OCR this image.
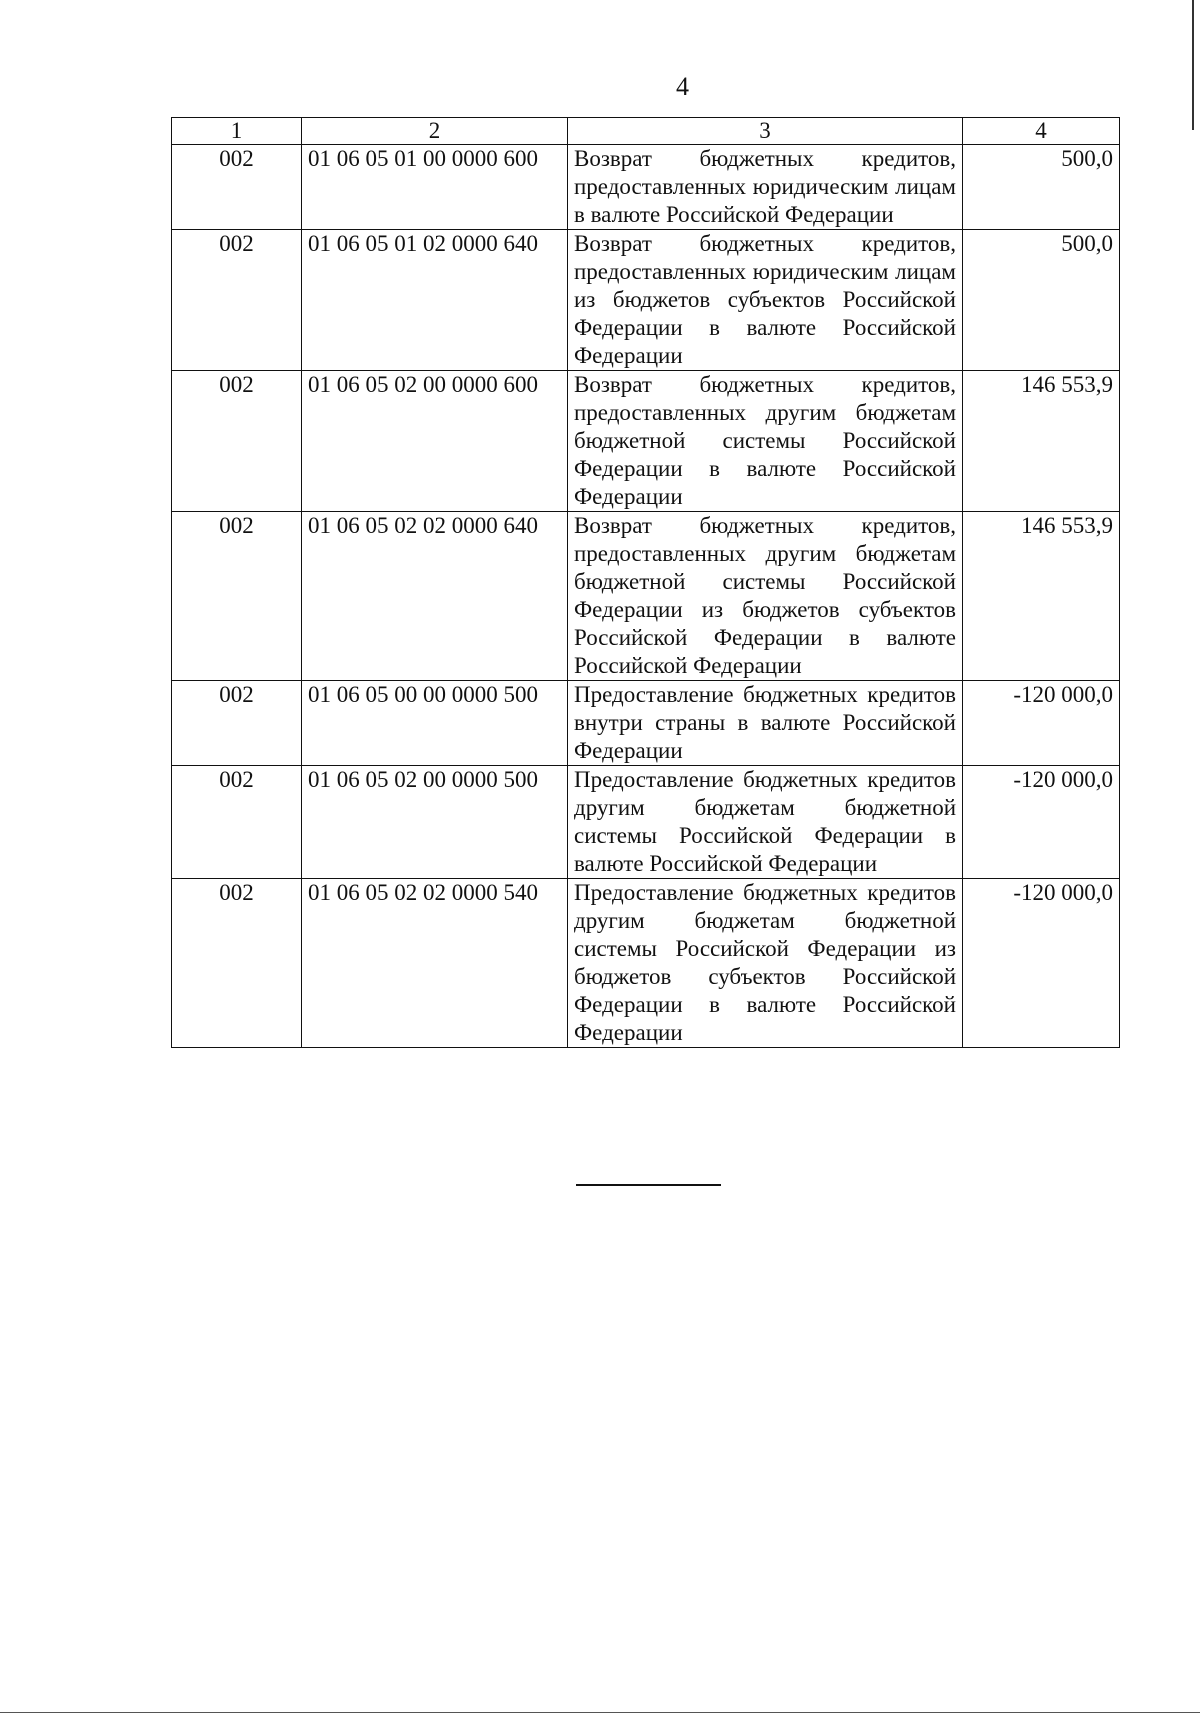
4
1	2	3	4
002	01 06 05 01 00 0000 600	Возврат бюджетных кредитов, предоставленных юридическим лицам в валюте Российской Федерации	500,0
002	01 06 05 01 02 0000 640	Возврат бюджетных кредитов, предоставленных юридическим лицам из бюджетов субъектов Российской Федерации в валюте Российской Федерации	500,0
002	01 06 05 02 00 0000 600	Возврат бюджетных кредитов, предоставленных другим бюджетам бюджетной системы Российской Федерации в валюте Российской Федерации	146 553,9
002	01 06 05 02 02 0000 640	Возврат бюджетных кредитов, предоставленных другим бюджетам бюджетной системы Российской Федерации из бюджетов субъектов Российской Федерации в валюте Российской Федерации	146 553,9
002	01 06 05 00 00 0000 500	Предоставление бюджетных кредитов внутри страны в валюте Российской Федерации	-120 000,0
002	01 06 05 02 00 0000 500	Предоставление бюджетных кредитов другим бюджетам бюджетной системы Российской Федерации в валюте Российской Федерации	-120 000,0
002	01 06 05 02 02 0000 540	Предоставление бюджетных кредитов другим бюджетам бюджетной системы Российской Федерации из бюджетов субъектов Российской Федерации в валюте Российской Федерации	-120 000,0
